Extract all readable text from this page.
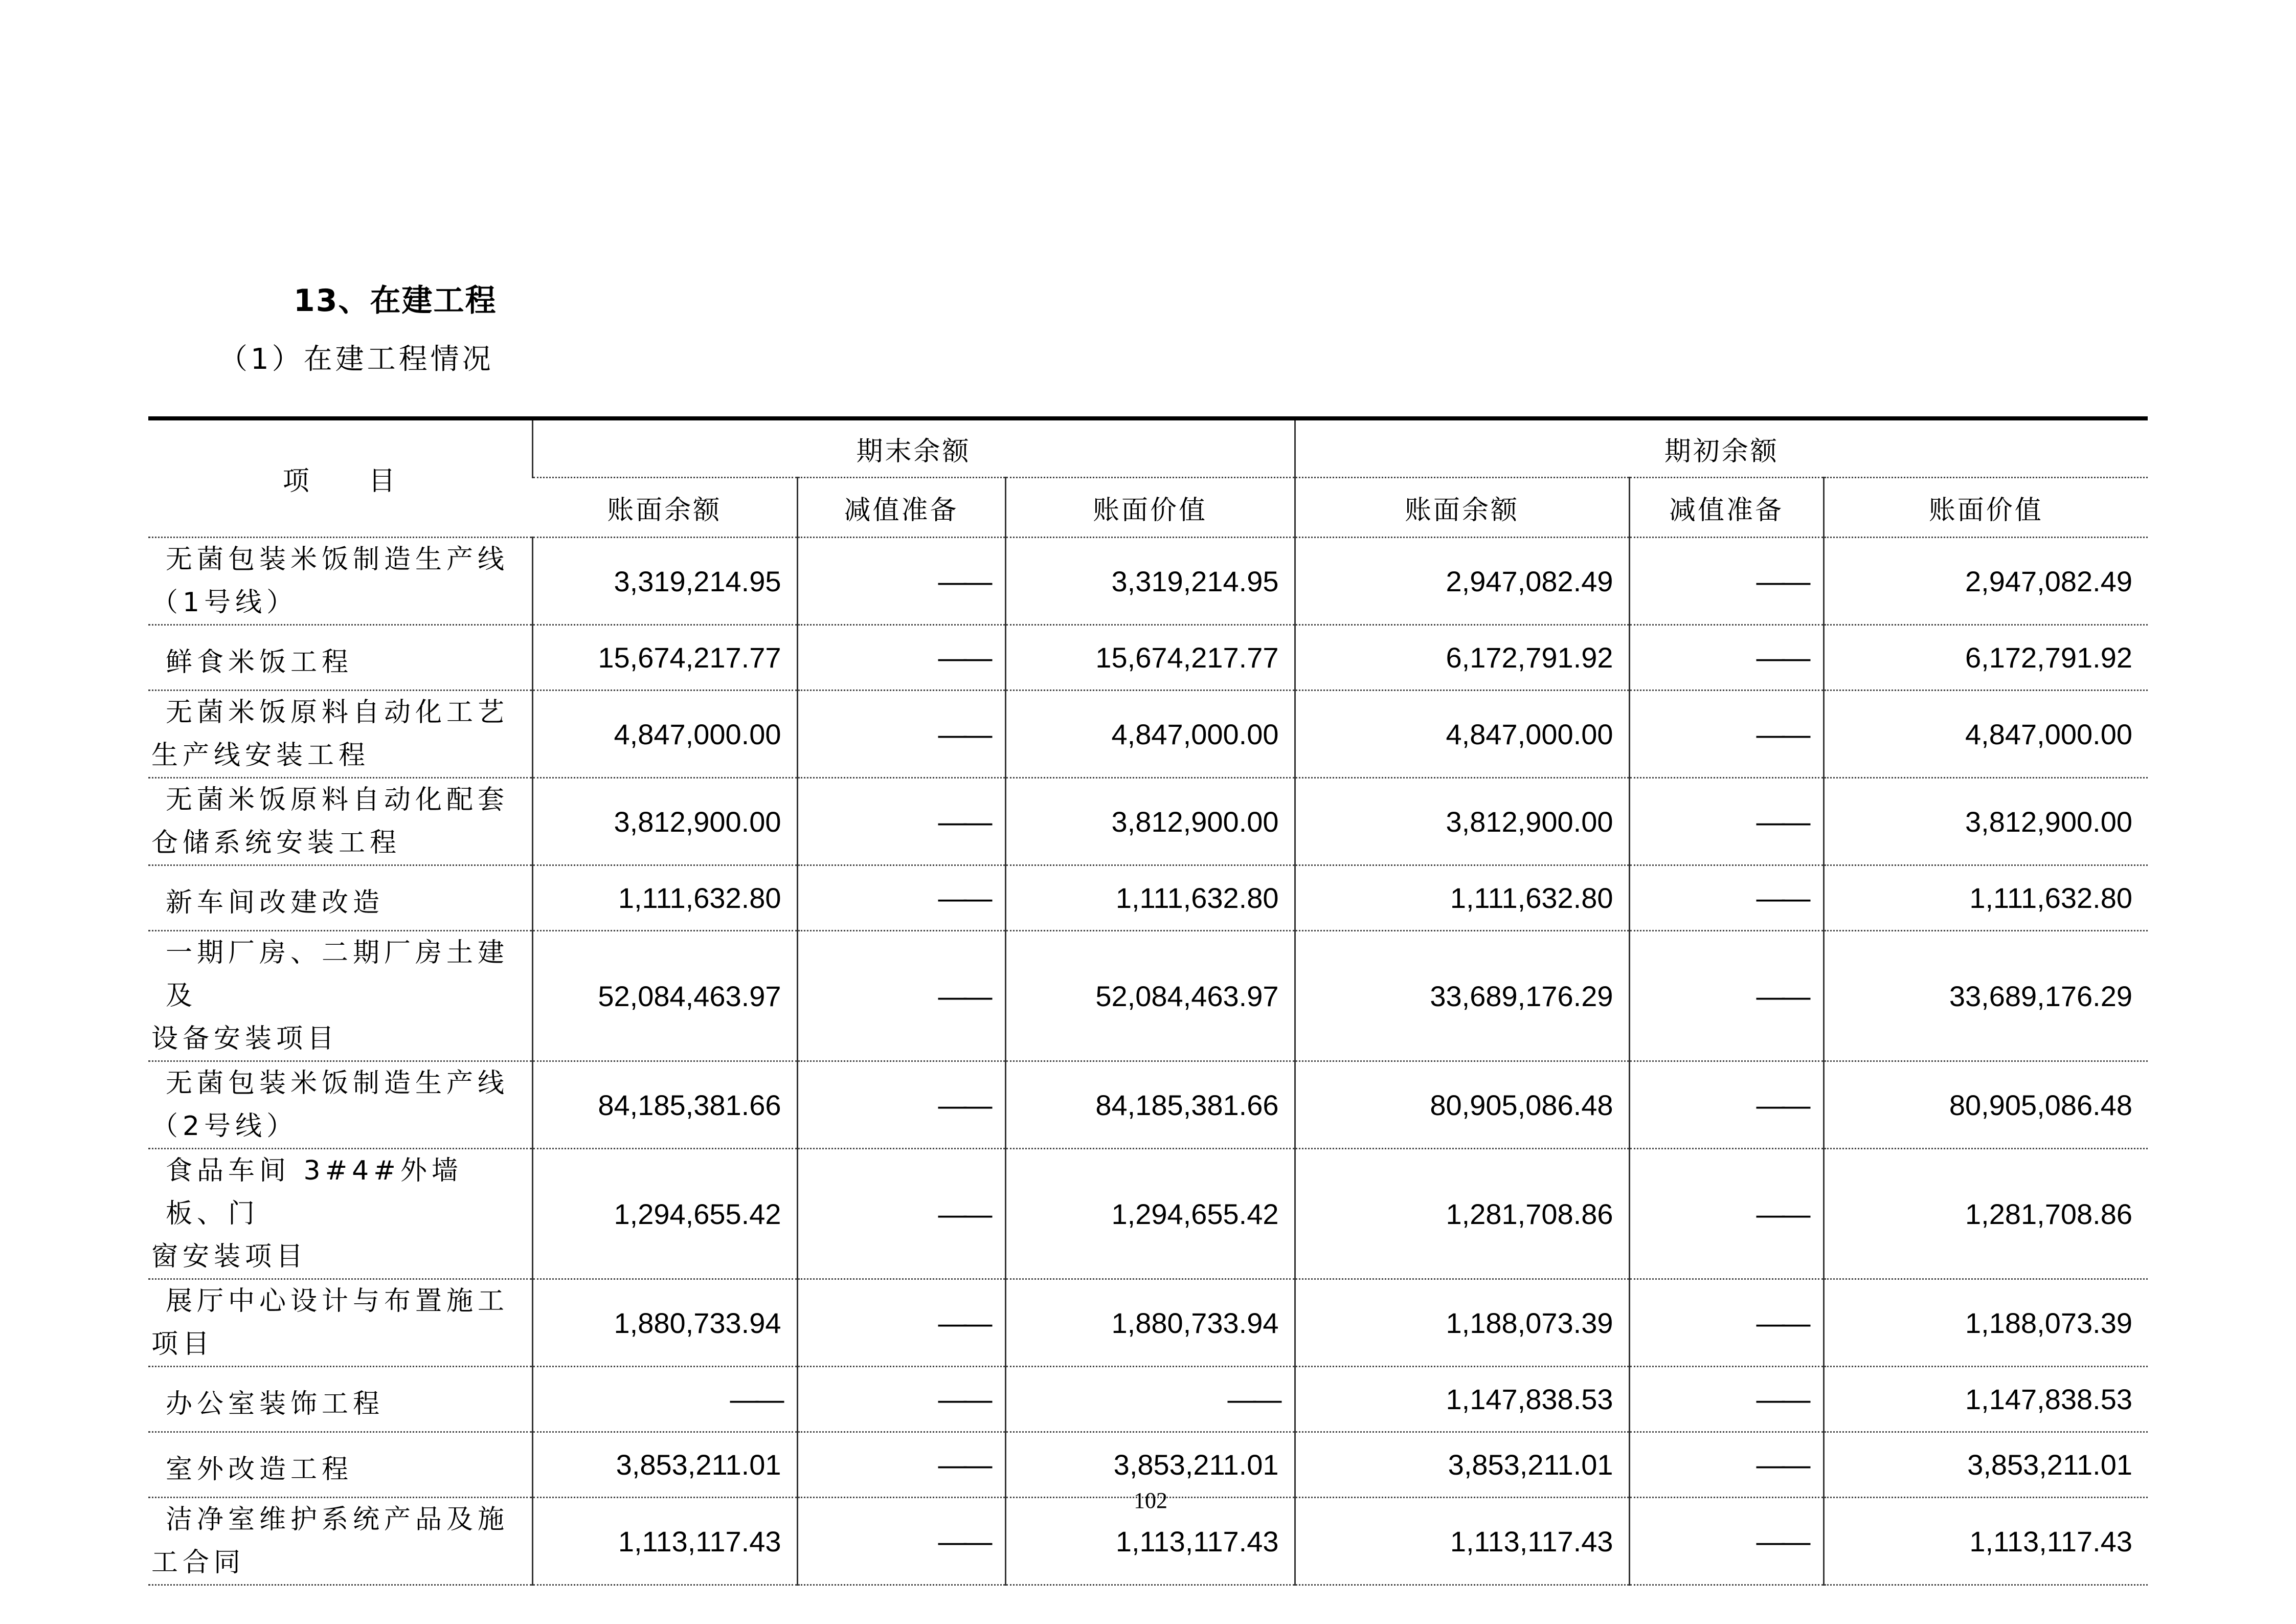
13、在建工程

（1）在建工程情况

项　　目	期末余额			期初余额		
	账面余额	减值准备	账面价值	账面余额	减值准备	账面价值

无菌包装米饭制造生产线
（1号线）	3,319,214.95	——	3,319,214.95	2,947,082.49	——	2,947,082.49

鲜食米饭工程	15,674,217.77	——	15,674,217.77	6,172,791.92	——	6,172,791.92

无菌米饭原料自动化工艺
生产线安装工程	4,847,000.00	——	4,847,000.00	4,847,000.00	——	4,847,000.00

无菌米饭原料自动化配套
仓储系统安装工程	3,812,900.00	——	3,812,900.00	3,812,900.00	——	3,812,900.00

新车间改建改造	1,111,632.80	——	1,111,632.80	1,111,632.80	——	1,111,632.80

一期厂房、二期厂房土建及
设备安装项目	52,084,463.97	——	52,084,463.97	33,689,176.29	——	33,689,176.29

无菌包装米饭制造生产线
（2号线）	84,185,381.66	——	84,185,381.66	80,905,086.48	——	80,905,086.48

食品车间 3#4#外墙板、门
窗安装项目	1,294,655.42	——	1,294,655.42	1,281,708.86	——	1,281,708.86

展厅中心设计与布置施工
项目	1,880,733.94	——	1,880,733.94	1,188,073.39	——	1,188,073.39

办公室装饰工程	——	——	——	1,147,838.53	——	1,147,838.53

室外改造工程	3,853,211.01	——	3,853,211.01	3,853,211.01	——	3,853,211.01

洁净室维护系统产品及施
工合同	1,113,117.43	——	1,113,117.43	1,113,117.43	——	1,113,117.43
102
